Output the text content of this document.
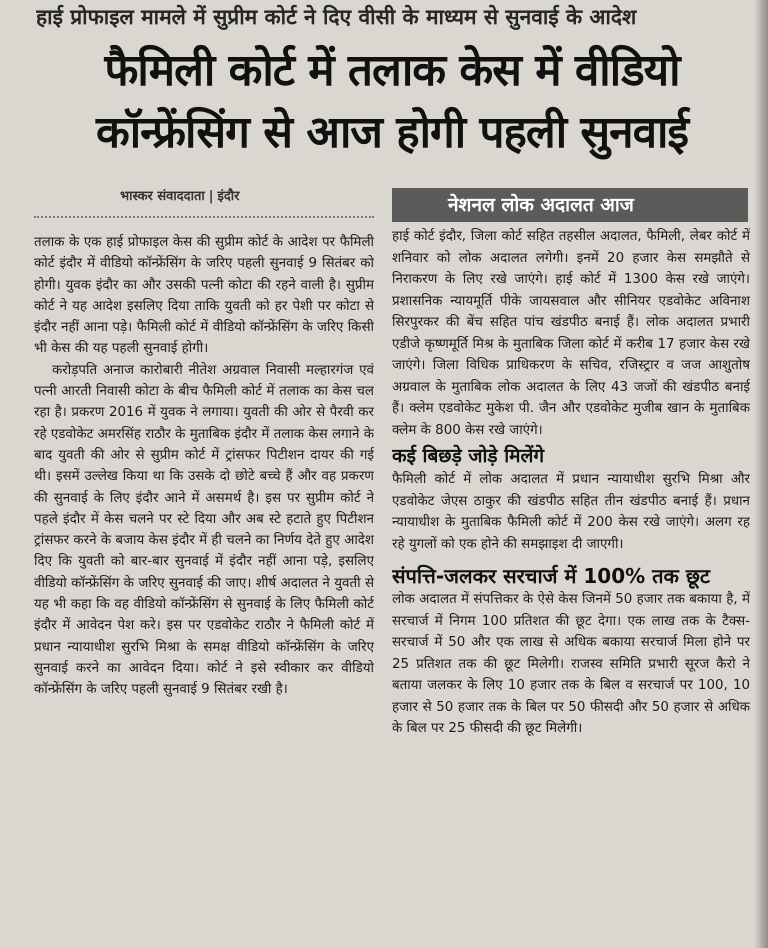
हाई प्रोफाइल मामले में सुप्रीम कोर्ट ने दिए वीसी के माध्यम से सुनवाई के आदेश
फैमिली कोर्ट में तलाक केस में वीडियो कॉन्फ्रेंसिंग से आज होगी पहली सुनवाई
भास्कर संवाददाता | इंदौर	नेशनल लोक अदालत आज

तलाक के एक हाई प्रोफाइल केस की सुप्रीम कोर्ट के आदेश पर फैमिली कोर्ट इंदौर में वीडियो कॉन्फ्रेंसिंग के जरिए पहली सुनवाई 9 सितंबर को होगी। युवक इंदौर का और उसकी पत्नी कोटा की रहने वाली है। सुप्रीम कोर्ट ने यह आदेश इसलिए दिया ताकि युवती को हर पेशी पर कोटा से इंदौर नहीं आना पड़े। फैमिली कोर्ट में वीडियो कॉन्फ्रेंसिंग के जरिए किसी भी केस की यह पहली सुनवाई होगी।

करोड़पति अनाज कारोबारी नीतेश अग्रवाल निवासी मल्हारगंज एवं पत्नी आरती निवासी कोटा के बीच फैमिली कोर्ट में तलाक का केस चल रहा है। प्रकरण 2016 में युवक ने लगाया। युवती की ओर से पैरवी कर रहे एडवोकेट अमरसिंह राठौर के मुताबिक इंदौर में तलाक केस लगाने के बाद युवती की ओर से सुप्रीम कोर्ट में ट्रांसफर पिटीशन दायर की गई थी। इसमें उल्लेख किया था कि उसके दो छोटे बच्चे हैं और वह प्रकरण की सुनवाई के लिए इंदौर आने में असमर्थ है। इस पर सुप्रीम कोर्ट ने पहले इंदौर में केस चलने पर स्टे दिया और अब स्टे हटाते हुए पिटीशन ट्रांसफर करने के बजाय केस इंदौर में ही चलने का निर्णय देते हुए आदेश दिए कि युवती को बार-बार सुनवाई में इंदौर नहीं आना पड़े, इसलिए वीडियो कॉन्फ्रेंसिंग के जरिए सुनवाई की जाए। शीर्ष अदालत ने युवती से यह भी कहा कि वह वीडियो कॉन्फ्रेंसिंग से सुनवाई के लिए फैमिली कोर्ट इंदौर में आवेदन पेश करे। इस पर एडवोकेट राठौर ने फैमिली कोर्ट में प्रधान न्यायाधीश सुरभि मिश्रा के समक्ष वीडियो कॉन्फ्रेंसिंग के जरिए सुनवाई करने का आवेदन दिया। कोर्ट ने इसे स्वीकार कर वीडियो कॉन्फ्रेंसिंग के जरिए पहली सुनवाई 9 सितंबर रखी है।

हाई कोर्ट इंदौर, जिला कोर्ट सहित तहसील अदालत, फैमिली, लेबर कोर्ट में शनिवार को लोक अदालत लगेगी। इनमें 20 हजार केस समझौते से निराकरण के लिए रखे जाएंगे। हाई कोर्ट में 1300 केस रखे जाएंगे। प्रशासनिक न्यायमूर्ति पीके जायसवाल और सीनियर एडवोकेट अविनाश सिरपुरकर की बेंच सहित पांच खंडपीठ बनाई हैं। लोक अदालत प्रभारी एडीजे कृष्णमूर्ति मिश्र के मुताबिक जिला कोर्ट में करीब 17 हजार केस रखे जाएंगे। जिला विधिक प्राधिकरण के सचिव, रजिस्ट्रार व जज आशुतोष अग्रवाल के मुताबिक लोक अदालत के लिए 43 जजों की खंडपीठ बनाई हैं। क्लेम एडवोकेट मुकेश पी. जैन और एडवोकेट मुजीब खान के मुताबिक क्लेम के 800 केस रखे जाएंगे।

कई बिछड़े जोड़े मिलेंगे

फैमिली कोर्ट में लोक अदालत में प्रधान न्यायाधीश सुरभि मिश्रा और एडवोकेट जेएस ठाकुर की खंडपीठ सहित तीन खंडपीठ बनाई हैं। प्रधान न्यायाधीश के मुताबिक फैमिली कोर्ट में 200 केस रखे जाएंगे। अलग रह रहे युगलों को एक होने की समझाइश दी जाएगी।

संपत्ति-जलकर सरचार्ज में 100% तक छूट

लोक अदालत में संपत्तिकर के ऐसे केस जिनमें 50 हजार तक बकाया है, में सरचार्ज में निगम 100 प्रतिशत की छूट देगा। एक लाख तक के टैक्स-सरचार्ज में 50 और एक लाख से अधिक बकाया सरचार्ज मिला होने पर 25 प्रतिशत तक की छूट मिलेगी। राजस्व समिति प्रभारी सूरज कैरो ने बताया जलकर के लिए 10 हजार तक के बिल व सरचार्ज पर 100, 10 हजार से 50 हजार तक के बिल पर 50 फीसदी और 50 हजार से अधिक के बिल पर 25 फीसदी की छूट मिलेगी।
